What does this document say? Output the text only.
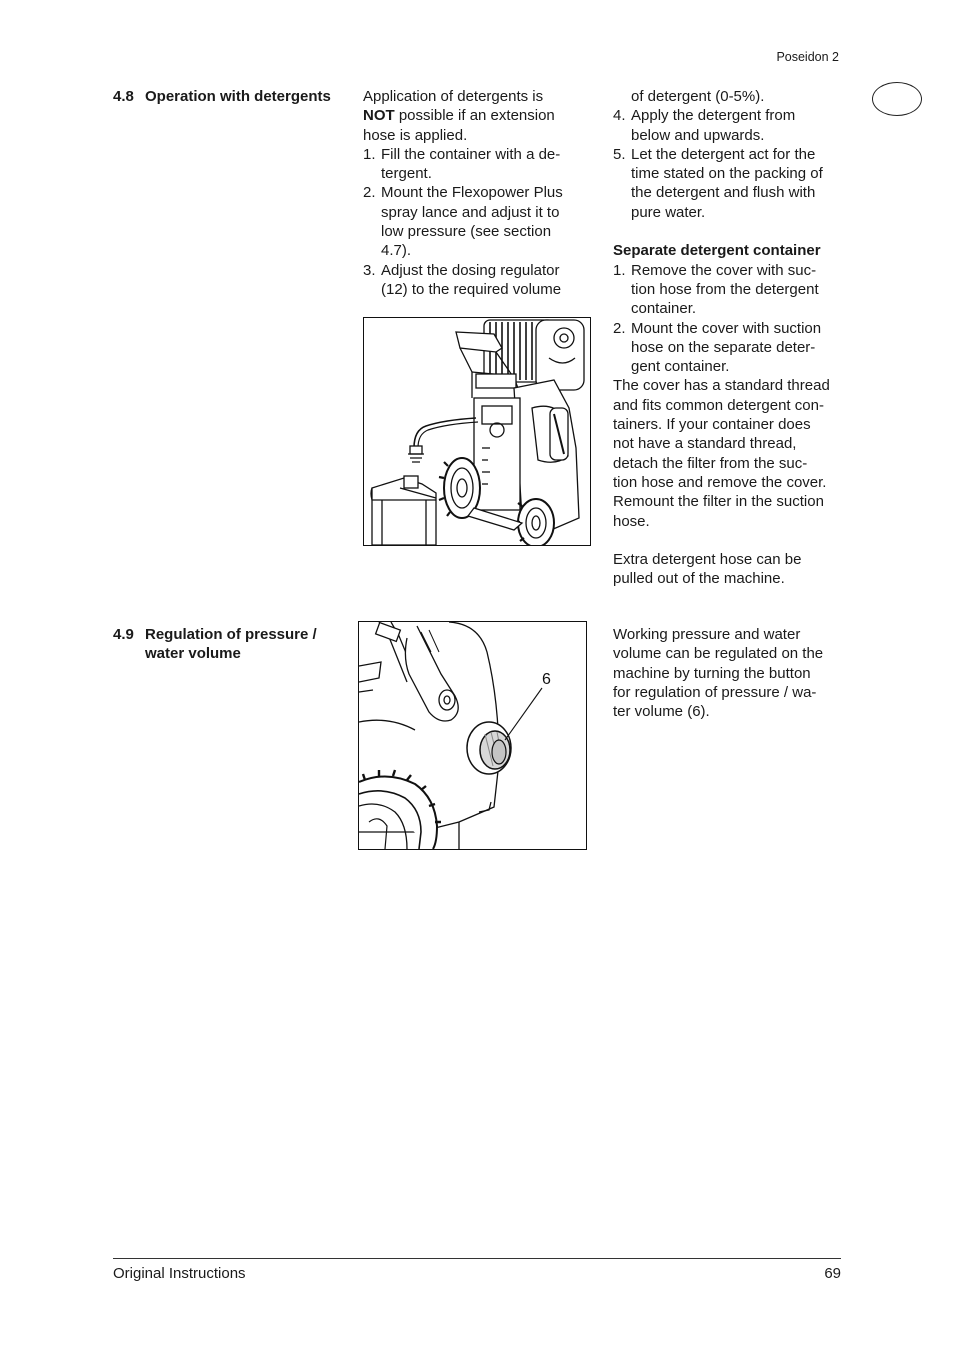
Poseidon 2
4.8 Operation with detergents Application of detergents is
NOT possible if an extension
hose is applied.
1. Fill the container with a de-
tergent.
2. Mount the Flexopower Plus
spray lance and adjust it to
low pressure (see section
4.7).
3. Adjust the dosing regulator
(12) to the required volume
of detergent (0-5%).
4. Apply the detergent from
below and upwards.
5. Let the detergent act for the
time stated on the packing of
the detergent and flush with
pure water.
Separate detergent container
1. Remove the cover with suc-
tion hose from the detergent
container.
2. Mount the cover with suction
hose on the separate deter-
gent container.
The cover has a standard thread
and fits common detergent con-
tainers. If your container does
not have a standard thread,
detach the filter from the suc-
tion hose and remove the cover.
Remount the filter in the suction
hose.
Extra detergent hose can be
pulled out of the machine.
4.9 Regulation of pressure /
water volume
6
Working pressure and water
volume can be regulated on the
machine by turning the button
for regulation of pressure / wa-
ter volume (6).
Original Instructions	69
